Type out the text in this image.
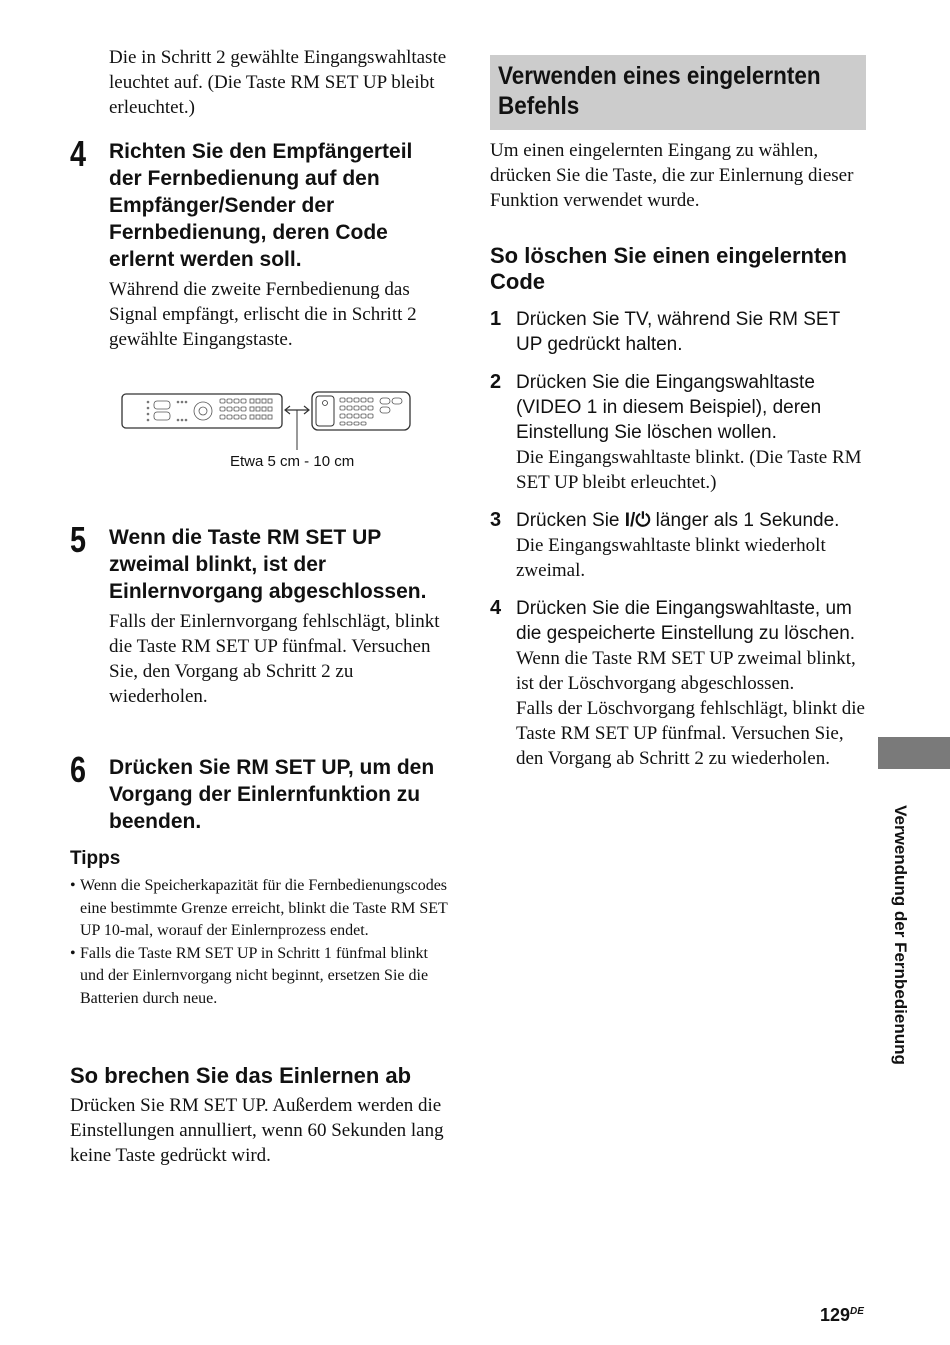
Die in Schritt 2 gewählte Eingangswahltaste leuchtet auf. (Die Taste RM SET UP bleibt erleuchtet.)
4 Richten Sie den Empfängerteil der Fernbedienung auf den Empfänger/Sender der Fernbedienung, deren Code erlernt werden soll.
Während die zweite Fernbedienung das Signal empfängt, erlischt die in Schritt 2 gewählte Eingangstaste.
Etwa 5 cm - 10 cm
5 Wenn die Taste RM SET UP zweimal blinkt, ist der Einlernvorgang abgeschlossen.
Falls der Einlernvorgang fehlschlägt, blinkt die Taste RM SET UP fünfmal. Versuchen Sie, den Vorgang ab Schritt 2 zu wiederholen.
6 Drücken Sie RM SET UP, um den Vorgang der Einlernfunktion zu beenden.
Tipps
• Wenn die Speicherkapazität für die Fernbedienungscodes eine bestimmte Grenze erreicht, blinkt die Taste RM SET UP 10-mal, worauf der Einlernprozess endet.
• Falls die Taste RM SET UP in Schritt 1 fünfmal blinkt und der Einlernvorgang nicht beginnt, ersetzen Sie die Batterien durch neue.
So brechen Sie das Einlernen ab
Drücken Sie RM SET UP. Außerdem werden die Einstellungen annulliert, wenn 60 Sekunden lang keine Taste gedrückt wird.
Verwenden eines eingelernten Befehls
Um einen eingelernten Eingang zu wählen, drücken Sie die Taste, die zur Einlernung dieser Funktion verwendet wurde.
So löschen Sie einen eingelernten Code
1 Drücken Sie TV, während Sie RM SET UP gedrückt halten.
2 Drücken Sie die Eingangswahltaste (VIDEO 1 in diesem Beispiel), deren Einstellung Sie löschen wollen.
Die Eingangswahltaste blinkt. (Die Taste RM SET UP bleibt erleuchtet.)
3 Drücken Sie I/⏻ länger als 1 Sekunde.
Die Eingangswahltaste blinkt wiederholt zweimal.
4 Drücken Sie die Eingangswahltaste, um die gespeicherte Einstellung zu löschen.
Wenn die Taste RM SET UP zweimal blinkt, ist der Löschvorgang abgeschlossen.
Falls der Löschvorgang fehlschlägt, blinkt die Taste RM SET UP fünfmal. Versuchen Sie, den Vorgang ab Schritt 2 zu wiederholen.
Verwendung der Fernbedienung
129DE
